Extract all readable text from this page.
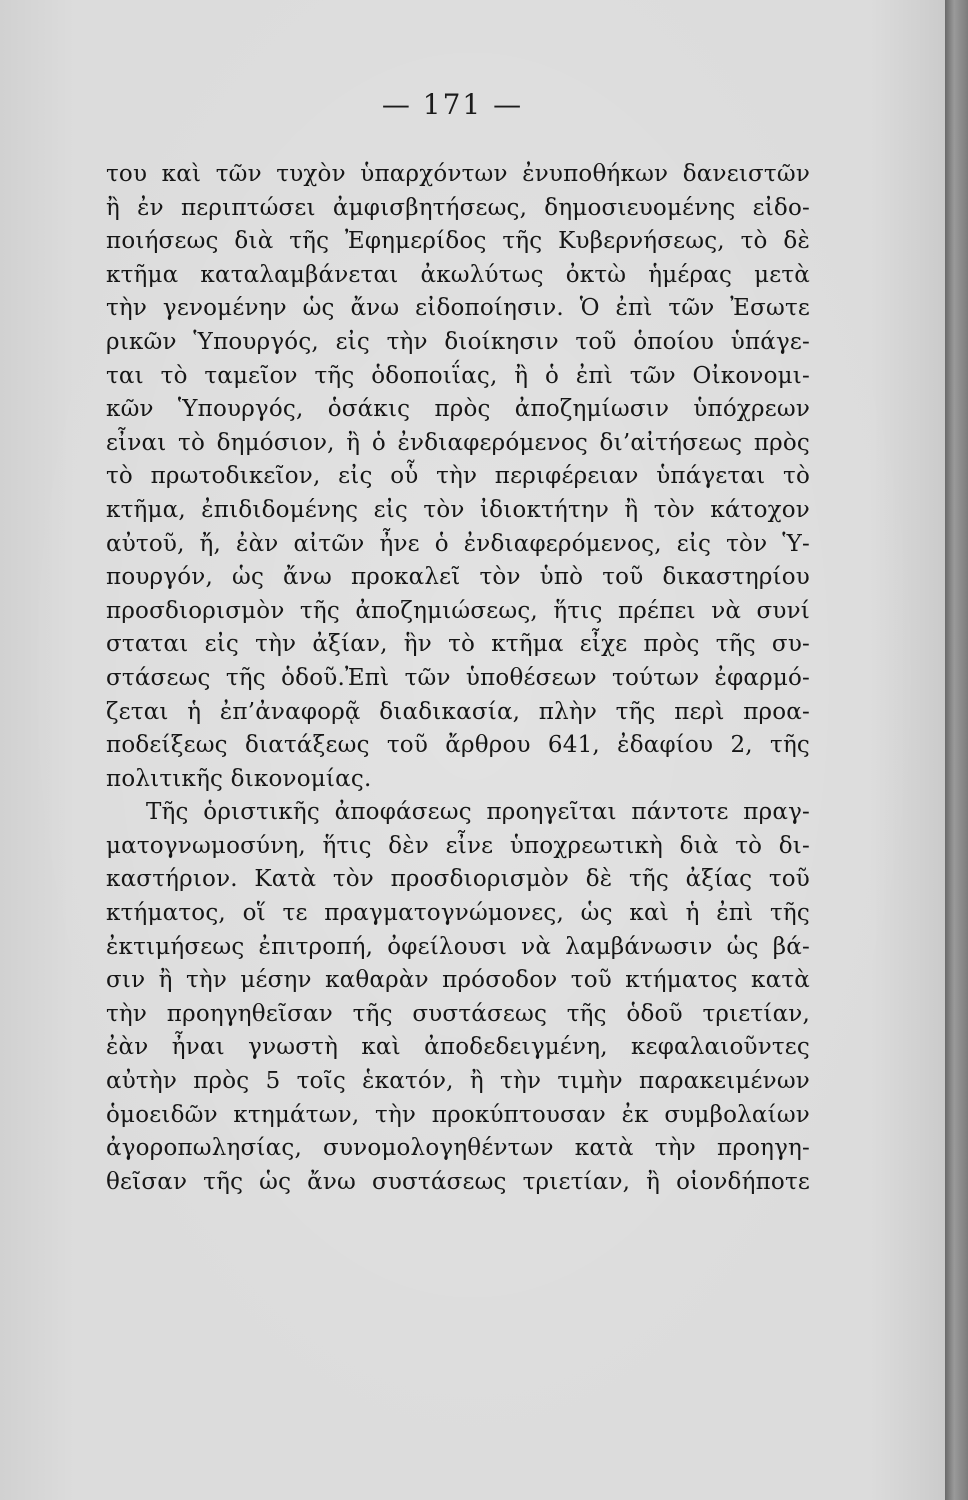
— 171 —
του καὶ τῶν τυχὸν ὑπαρχόντων ἐνυποθήκων δανειστῶν
ἢ ἐν περιπτώσει ἀμφισβητήσεως, δημοσιευομένης εἰδο-
ποιήσεως διὰ τῆς Ἐφημερίδος τῆς Κυβερνήσεως, τὸ δὲ
κτῆμα καταλαμβάνεται ἀκωλύτως ὀκτὼ ἡμέρας μετὰ
τὴν γενομένην ὡς ἄνω εἰδοποίησιν. Ὁ ἐπὶ τῶν Ἐσωτε
ρικῶν Ὑπουργός, εἰς τὴν διοίκησιν τοῦ ὁποίου ὑπάγε-
ται τὸ ταμεῖον τῆς ὁδοποιΐας, ἢ ὁ ἐπὶ τῶν Οἰκονομι-
κῶν Ὑπουργός, ὁσάκις πρὸς ἀποζημίωσιν ὑπόχρεων
εἶναι τὸ δημόσιον, ἢ ὁ ἐνδιαφερόμενος δι’αἰτήσεως πρὸς
τὸ πρωτοδικεῖον, εἰς οὗ τὴν περιφέρειαν ὑπάγεται τὸ
κτῆμα, ἐπιδιδομένης εἰς τὸν ἰδιοκτήτην ἢ τὸν κάτοχον
αὐτοῦ, ἤ, ἐὰν αἰτῶν ἦνε ὁ ἐνδιαφερόμενος, εἰς τὸν Ὑ-
πουργόν, ὡς ἄνω προκαλεῖ τὸν ὑπὸ τοῦ δικαστηρίου
προσδιορισμὸν τῆς ἀποζημιώσεως, ἥτις πρέπει νὰ συνί
σταται εἰς τὴν ἀξίαν, ἣν τὸ κτῆμα εἶχε πρὸς τῆς συ-
στάσεως τῆς ὁδοῦ.Ἐπὶ τῶν ὑποθέσεων τούτων ἐφαρμό-
ζεται ἡ ἐπ’ἀναφορᾷ διαδικασία, πλὴν τῆς περὶ προα-
ποδείξεως διατάξεως τοῦ ἄρθρου 641, ἐδαφίου 2, τῆς
πολιτικῆς δικονομίας.
Τῆς ὁριστικῆς ἀποφάσεως προηγεῖται πάντοτε πραγ-
ματογνωμοσύνη, ἥτις δὲν εἶνε ὑποχρεωτικὴ διὰ τὸ δι-
καστήριον. Κατὰ τὸν προσδιορισμὸν δὲ τῆς ἀξίας τοῦ
κτήματος, οἵ τε πραγματογνώμονες, ὡς καὶ ἡ ἐπὶ τῆς
ἐκτιμήσεως ἐπιτροπή, ὀφείλουσι νὰ λαμβάνωσιν ὡς βά-
σιν ἢ τὴν μέσην καθαρὰν πρόσοδον τοῦ κτήματος κατὰ
τὴν προηγηθεῖσαν τῆς συστάσεως τῆς ὁδοῦ τριετίαν,
ἐὰν ἦναι γνωστὴ καὶ ἀποδεδειγμένη, κεφαλαιοῦντες
αὐτὴν πρὸς 5 τοῖς ἑκατόν, ἢ τὴν τιμὴν παρακειμένων
ὁμοειδῶν κτημάτων, τὴν προκύπτουσαν ἐκ συμβολαίων
ἀγοροπωλησίας, συνομολογηθέντων κατὰ τὴν προηγη-
θεῖσαν τῆς ὡς ἄνω συστάσεως τριετίαν, ἢ οἱονδήποτε
